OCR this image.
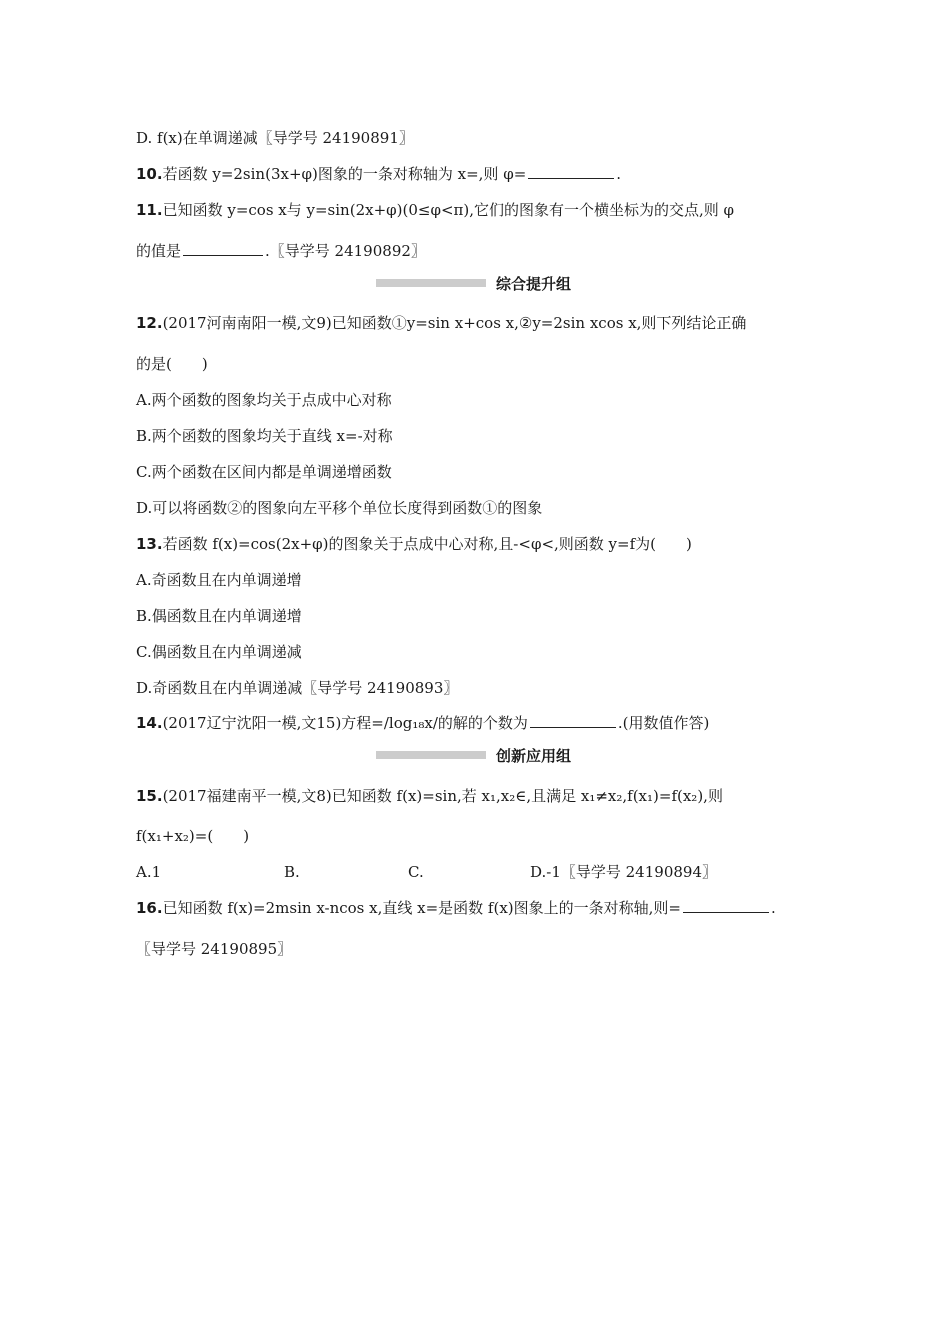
D. f(x)在单调递减〖导学号 24190891〗
10.若函数 y=2sin(3x+φ)图象的一条对称轴为 x=,则 φ=	.
11.已知函数 y=cos x与 y=sin(2x+φ)(0≤φ<π),它们的图象有一个横坐标为的交点,则 φ
的值是	.〖导学号 24190892〗
综合提升组
12.(2017河南南阳一模,文9)已知函数①y=sin x+cos x,②y=2sin xcos x,则下列结论正确
的是(　　)
A.两个函数的图象均关于点成中心对称
B.两个函数的图象均关于直线 x=-对称
C.两个函数在区间内都是单调递增函数
D.可以将函数②的图象向左平移个单位长度得到函数①的图象
13.若函数 f(x)=cos(2x+φ)的图象关于点成中心对称,且-<φ<,则函数 y=f为(　　)
A.奇函数且在内单调递增
B.偶函数且在内单调递增
C.偶函数且在内单调递减
D.奇函数且在内单调递减〖导学号 24190893〗
14.(2017辽宁沈阳一模,文15)方程=/log₁₈x/的解的个数为	.(用数值作答)
创新应用组
15.(2017福建南平一模,文8)已知函数 f(x)=sin,若 x₁,x₂∈,且满足 x₁≠x₂,f(x₁)=f(x₂),则
f(x₁+x₂)=(　　)
A.1	B.	C.	D.-1〖导学号 24190894〗
16.已知函数 f(x)=2msin x-ncos x,直线 x=是函数 f(x)图象上的一条对称轴,则=	.
〖导学号 24190895〗
